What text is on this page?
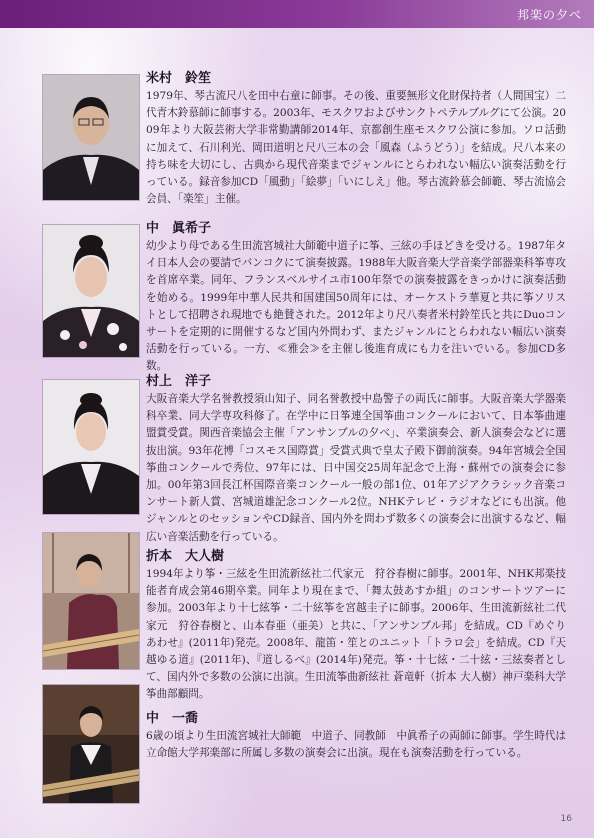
邦楽の夕べ

米村　鈴笙

1979年、琴古流尺八を田中右童に師事。その後、重要無形文化財保持者（人間国宝）二代青木鈴慕師に師事する。2003年、モスクワおよびサンクトペテルブルグにて公演。2009年より大阪芸術大学非常勤講師2014年、京都創生座モスクワ公演に参加。ソロ活動に加えて、石川利光、岡田道明と尺八三本の会「風森（ふうどう）」を結成。尺八本来の持ち味を大切にし、古典から現代音楽までジャンルにとらわれない幅広い演奏活動を行っている。録音参加CD「風動」「絵夢」「いにしえ」他。琴古流鈴慕会師範、琴古流協会会員、「楽笙」主催。

中　眞希子

幼少より母である生田流宮城社大師範中道子に筝、三絃の手ほどきを受ける。1987年タイ日本人会の要請でバンコクにて演奏披露。1988年大阪音楽大学音楽学部器楽科筝専攻を首席卒業。同年、フランスベルサイユ市100年祭での演奏披露をきっかけに演奏活動を始める。1999年中華人民共和国建国50周年には、オーケストラ華夏と共に筝ソリストとして招聘され現地でも絶賛された。2012年より尺八奏者米村鈴笙氏と共にDuoコンサートを定期的に開催するなど国内外問わず、またジャンルにとらわれない幅広い演奏活動を行っている。一方、≪雅会≫を主催し後進育成にも力を注いでいる。参加CD多数。

村上　洋子

大阪音楽大学名誉教授須山知子、同名誉教授中島警子の両氏に師事。大阪音楽大学器楽科卒業、同大学専攻科修了。在学中に日筝連全国筝曲コンクールにおいて、日本筝曲連盟賞受賞。関西音楽協会主催「アンサンブルの夕べ」、卒業演奏会、新人演奏会などに選抜出演。93年花博「コスモス国際賞」受賞式典で皇太子殿下御前演奏。94年宮城会全国筝曲コンクールで秀位、97年には、日中国交25周年記念で上海・蘇州での演奏会に参加。00年第3回長江杯国際音楽コンクール一般の部1位、01年アジアクラシック音楽コンサート新人賞、宮城道雄記念コンクール2位。NHKテレビ・ラジオなどにも出演。他ジャンルとのセッションやCD録音、国内外を問わず数多くの演奏会に出演するなど、幅広い音楽活動を行っている。

折本　大人樹

1994年より筝・三絃を生田流新絃社二代家元　狩谷春樹に師事。2001年、NHK邦楽技能者育成会第46期卒業。同年より現在まで、「舞太鼓あすか組」のコンサートツアーに参加。2003年より十七絃筝・二十絃筝を宮越圭子に師事。2006年、生田流新絃社二代家元　狩谷春樹と、山本春亜（亜美）と共に、「アンサンブル邦」を結成。CD『めぐりあわせ』(2011年)発売。2008年、龍笛・笙とのユニット「トラロ会」を結成。CD『天越ゆる道』(2011年)、『道しるべ』(2014年)発売。筝・十七絃・二十絃・三絃奏者として、国内外で多数の公演に出演。生田流筝曲新絃社 蒼竜軒（折本 大人樹）神戸楽科大学筝曲部顧問。

中　一喬

6歳の頃より生田流宮城社大師範　中道子、同教師　中眞希子の両師に師事。学生時代は立命館大学邦楽部に所属し多数の演奏会に出演。現在も演奏活動を行っている。

16
